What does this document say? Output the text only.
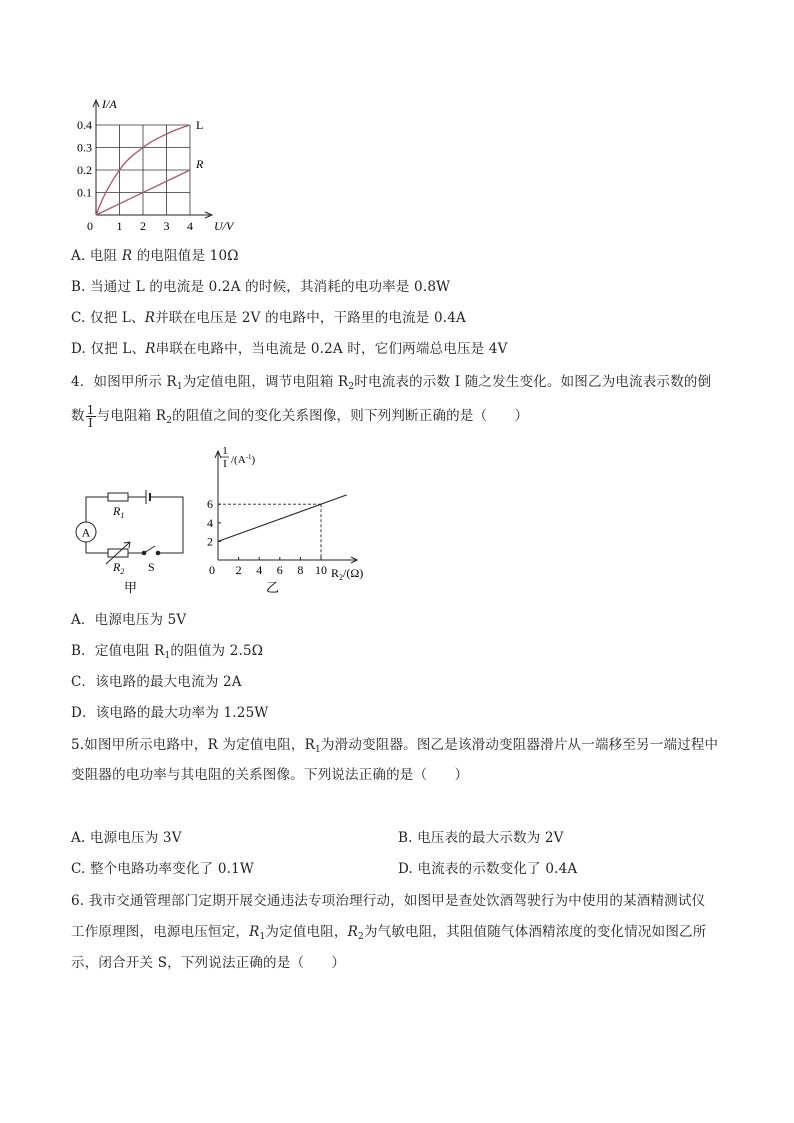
0.4
0.3
0.2
0.1
0 1 2 3 4
I/A
U/V
L
R
A. 电阻 R 的电阻值是 10Ω
B. 当通过 L 的电流是 0.2A 的时候，其消耗的电功率是 0.8W
C. 仅把 L、R并联在电压是 2V 的电路中，干路里的电流是 0.4A
D. 仅把 L、R串联在电路中，当电流是 0.2A 时，它们两端总电压是 4V
4．如图甲所示 $R_1$为定值电阻，调节电阻箱 $R_2$时电流表的示数 I 随之发生变化。如图乙为电流表示数的倒
数 $\frac{1}{I}$ 与电阻箱 $R_2$的阻值之间的变化关系图像，则下列判断正确的是（　　）
A
$R_1$
$R_2$ S
甲
0 2 4 6 8 10
6
4
2
1
I $/(A^{-1})$
$R_2/(\Omega)$
乙
A．电源电压为 5V
B．定值电阻 $R_1$的阻值为 2.5Ω
C．该电路的最大电流为 2A
D．该电路的最大功率为 1.25W
5.如图甲所示电路中，R 为定值电阻，$R_1$为滑动变阻器。图乙是该滑动变阻器滑片从一端移至另一端过程中
变阻器的电功率与其电阻的关系图像。下列说法正确的是（　　）
A. 电源电压为 3V	B. 电压表的最大示数为 2V
C. 整个电路功率变化了 0.1W	D. 电流表的示数变化了 0.4A
6. 我市交通管理部门定期开展交通违法专项治理行动，如图甲是查处饮酒驾驶行为中使用的某酒精测试仪
工作原理图，电源电压恒定，$R_1$为定值电阻，$R_2$为气敏电阻，其阻值随气体酒精浓度的变化情况如图乙所
示，闭合开关 S，下列说法正确的是（　　）
